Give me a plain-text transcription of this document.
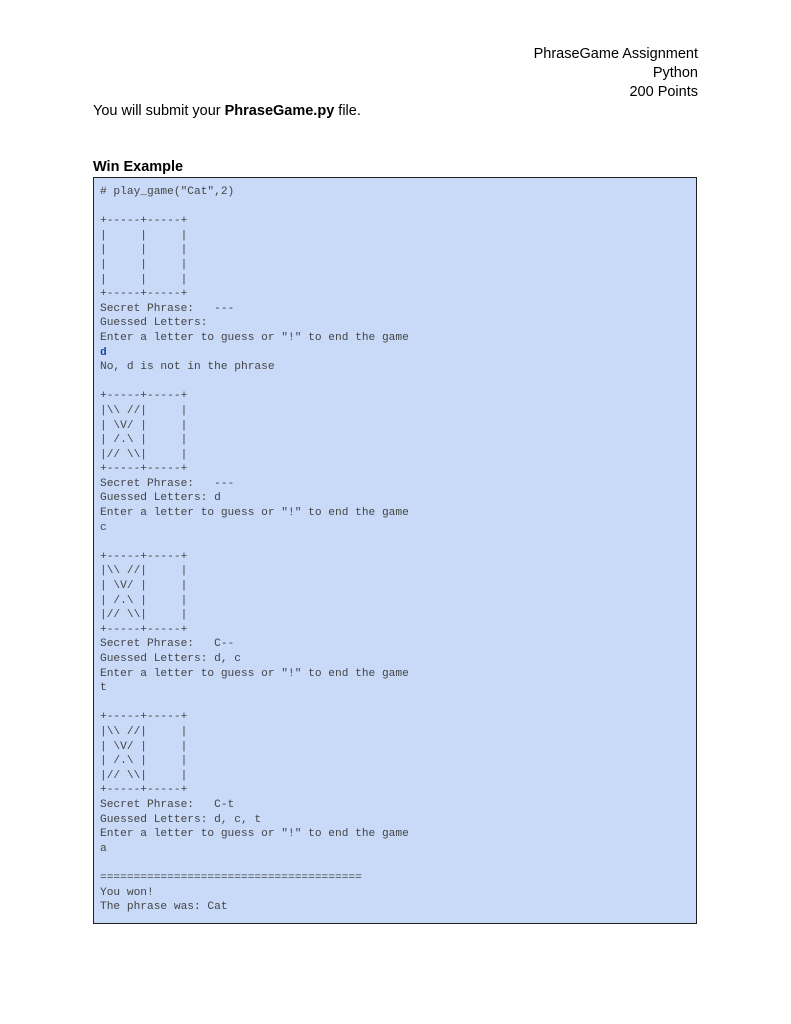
PhraseGame Assignment
Python
200 Points
You will submit your PhraseGame.py file.
Win Example
# play_game("Cat",2)

+-----+-----+
|     |     |
|     |     |
|     |     |
|     |     |
+-----+-----+
Secret Phrase:   ---
Guessed Letters:
Enter a letter to guess or "!" to end the game
d
No, d is not in the phrase

+-----+-----+
|\\ //|     |
| \V/ |     |
| /.\ |     |
|// \\|     |
+-----+-----+
Secret Phrase:   ---
Guessed Letters: d
Enter a letter to guess or "!" to end the game
c

+-----+-----+
|\\ //|     |
| \V/ |     |
| /.\ |     |
|// \\|     |
+-----+-----+
Secret Phrase:   C--
Guessed Letters: d, c
Enter a letter to guess or "!" to end the game
t

+-----+-----+
|\\ //|     |
| \V/ |     |
| /.\ |     |
|// \\|     |
+-----+-----+
Secret Phrase:   C-t
Guessed Letters: d, c, t
Enter a letter to guess or "!" to end the game
a

=======================================
You won!
The phrase was: Cat
